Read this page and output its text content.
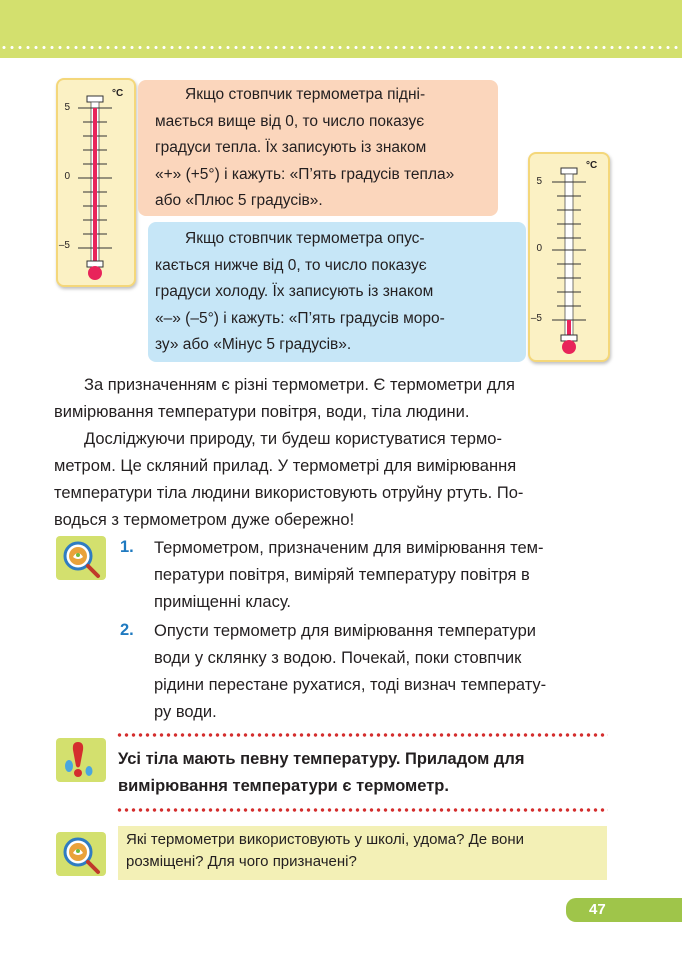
°C
5
0
–5
°C
5
0
–5

Якщо стовпчик термометра підні-
мається вище від 0, то число показує
градуси тепла. Їх записують із знаком
«+» (+5°) і кажуть: «П’ять градусів тепла»
або «Плюс 5 градусів».

Якщо стовпчик термометра опус-
кається нижче від 0, то число показує
градуси холоду. Їх записують із знаком
«–» (–5°) і кажуть: «П’ять градусів моро-
зу» або «Мінус 5 градусів».

За призначенням є різні термометри. Є термометри для
вимірювання температури повітря, води, тіла людини.
Досліджуючи природу, ти будеш користуватися термо-
метром. Це скляний прилад. У термометрі для вимірювання
температури тіла людини використовують отруйну ртуть. По-
водься з термометром дуже обережно!
1. Термометром, призначеним для вимірювання тем-
ператури повітря, виміряй температуру повітря в
приміщенні класу.
2. Опусти термометр для вимірювання температури
води у склянку з водою. Почекай, поки стовпчик
рідини перестане рухатися, тоді визнач температу-
ру води.
Усі тіла мають певну температуру. Приладом для
вимірювання температури є термометр.
Які термометри використовують у школі, удома? Де вони
розміщені? Для чого призначені?
47
